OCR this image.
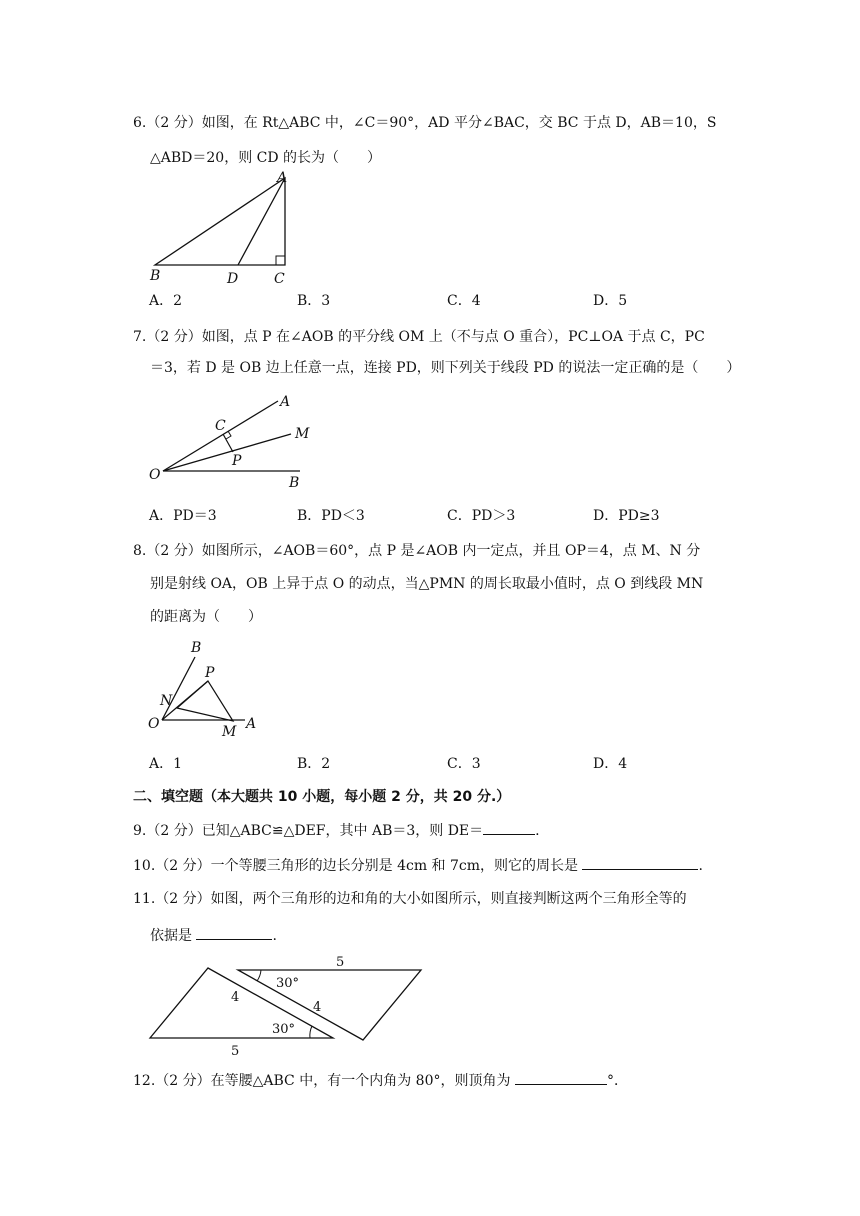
6.（2 分）如图，在 Rt△ABC 中，∠C＝90°，AD 平分∠BAC，交 BC 于点 D，AB＝10，S
△ABD＝20，则 CD 的长为（　　）
A
B	D	C
A．2	B．3	C．4	D．5
7.（2 分）如图，点 P 在∠AOB 的平分线 OM 上（不与点 O 重合），PC⊥OA 于点 C，PC
＝3，若 D 是 OB 边上任意一点，连接 PD，则下列关于线段 PD 的说法一定正确的是（　　）
A
C	M
P
O	B
A．PD＝3	B．PD＜3	C．PD＞3	D．PD≥3
8.（2 分）如图所示，∠AOB＝60°，点 P 是∠AOB 内一定点，并且 OP＝4，点 M、N 分
别是射线 OA，OB 上异于点 O 的动点，当△PMN 的周长取最小值时，点 O 到线段 MN
的距离为（　　）
B
P
N
O	M A
A．1	B．2	C．3	D．4
二、填空题（本大题共 10 小题，每小题 2 分，共 20 分.）
9.（2 分）已知△ABC≌△DEF，其中 AB＝3，则 DE＝	.
10.（2 分）一个等腰三角形的边长分别是 4cm 和 7cm，则它的周长是	.
11.（2 分）如图，两个三角形的边和角的大小如图所示，则直接判断这两个三角形全等的
依据是	.
5
5
4
4
30°
30°
12.（2 分）在等腰△ABC 中，有一个内角为 80°，则顶角为	°．
